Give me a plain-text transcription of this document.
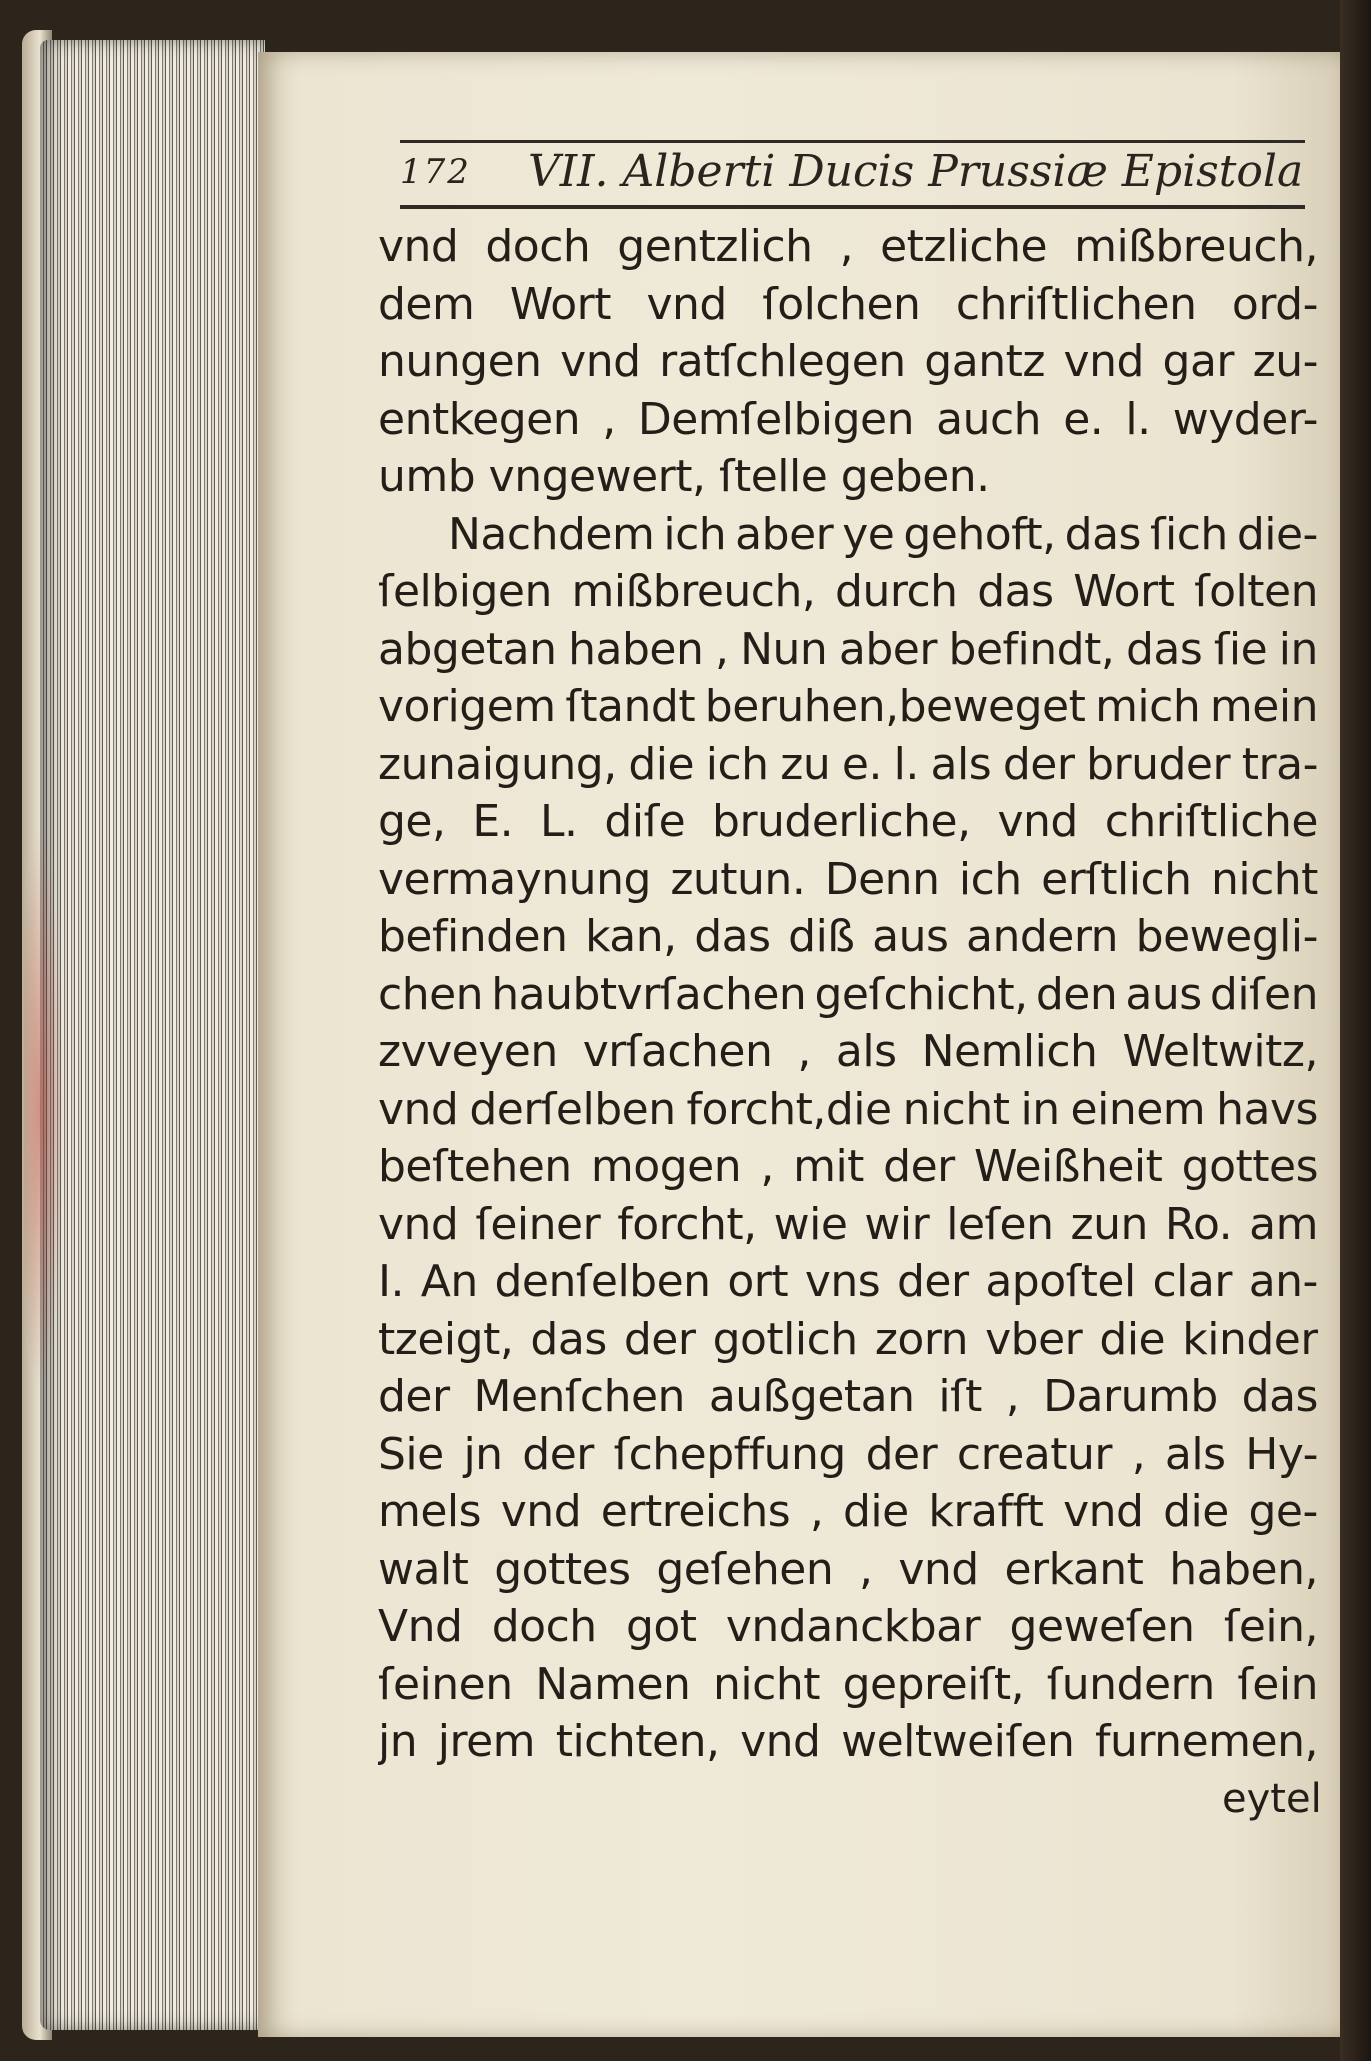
172 VII. Alberti Ducis Prussiæ Epistola
vnd doch gentzlich , etzliche mißbreuch,
dem Wort vnd ſolchen chriſtlichen ord-
nungen vnd ratſchlegen gantz vnd gar zu-
entkegen , Demſelbigen auch e. l. wyder-
umb vngewert, ſtelle geben.
Nachdem ich aber ye gehoft, das ſich die-
ſelbigen mißbreuch, durch das Wort ſolten
abgetan haben , Nun aber befindt, das ſie in
vorigem ſtandt beruhen,beweget mich mein
zunaigung, die ich zu e. l. als der bruder tra-
ge, E. L. diſe bruderliche, vnd chriſtliche
vermaynung zutun. Denn ich erſtlich nicht
befinden kan, das diß aus andern bewegli-
chen haubtvrſachen geſchicht, den aus diſen
zvveyen vrſachen , als Nemlich Weltwitz,
vnd derſelben forcht,die nicht in einem havs
beſtehen mogen , mit der Weißheit gottes
vnd ſeiner forcht, wie wir leſen zun Ro. am
I. An denſelben ort vns der apoſtel clar an-
tzeigt, das der gotlich zorn vber die kinder
der Menſchen außgetan iſt , Darumb das
Sie jn der ſchepffung der creatur , als Hy-
mels vnd ertreichs , die krafft vnd die ge-
walt gottes geſehen , vnd erkant haben,
Vnd doch got vndanckbar geweſen ſein,
ſeinen Namen nicht gepreiſt, ſundern ſein
jn jrem tichten, vnd weltweiſen furnemen,
eytel
